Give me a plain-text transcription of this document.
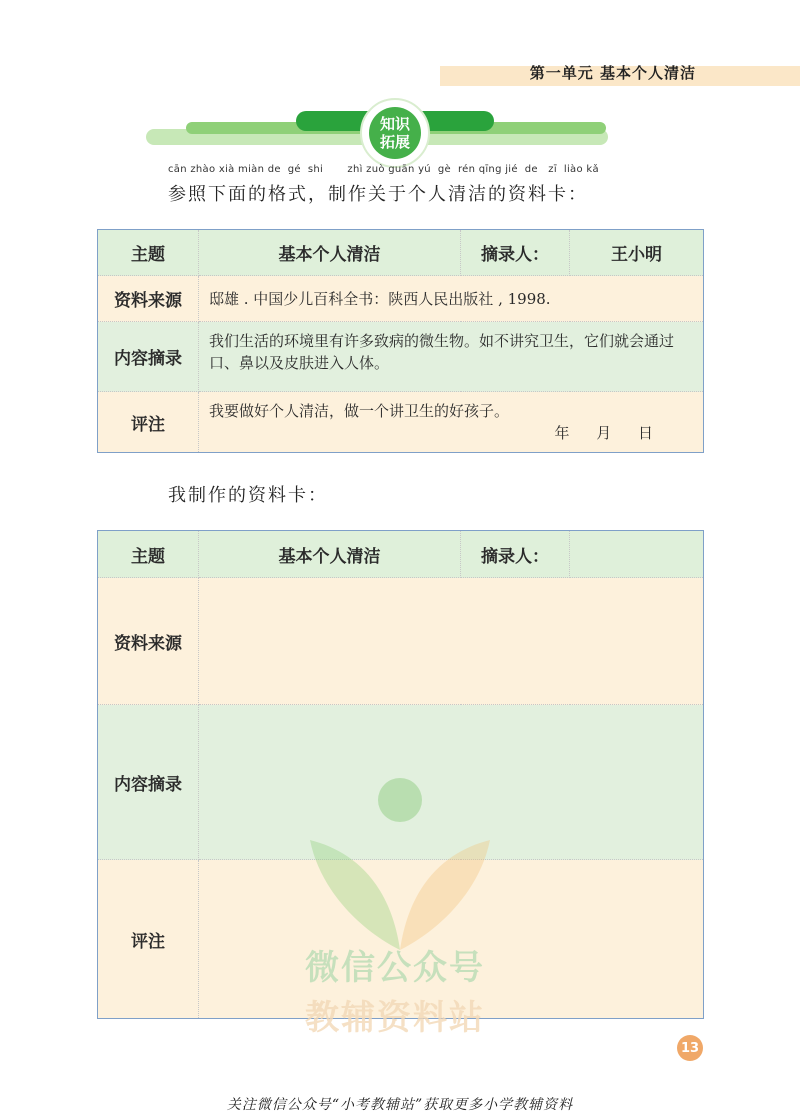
第一单元 基本个人清洁
知识
拓展
cān zhào xià miàn de  gé  shi       zhì zuò guān yú  gè  rén qīng jié  de   zī  liào kǎ
参照下面的格式，制作关于个人清洁的资料卡：
主题	基本个人清洁	摘录人：	王小明
资料来源	邸雄 . 中国少儿百科全书：陕西人民出版社 , 1998.		
内容摘录	我们生活的环境里有许多致病的微生物。如不讲究卫生，它们就会通过口、鼻以及皮肤进入人体。		
评注	我要做好个人清洁，做一个讲卫生的好孩子。
年 月 日		
我制作的资料卡：
主题	基本个人清洁	摘录人：	
资料来源			
内容摘录			
评注			
微信公众号
教辅资料站
13
关注微信公众号“小考教辅站”获取更多小学教辅资料
